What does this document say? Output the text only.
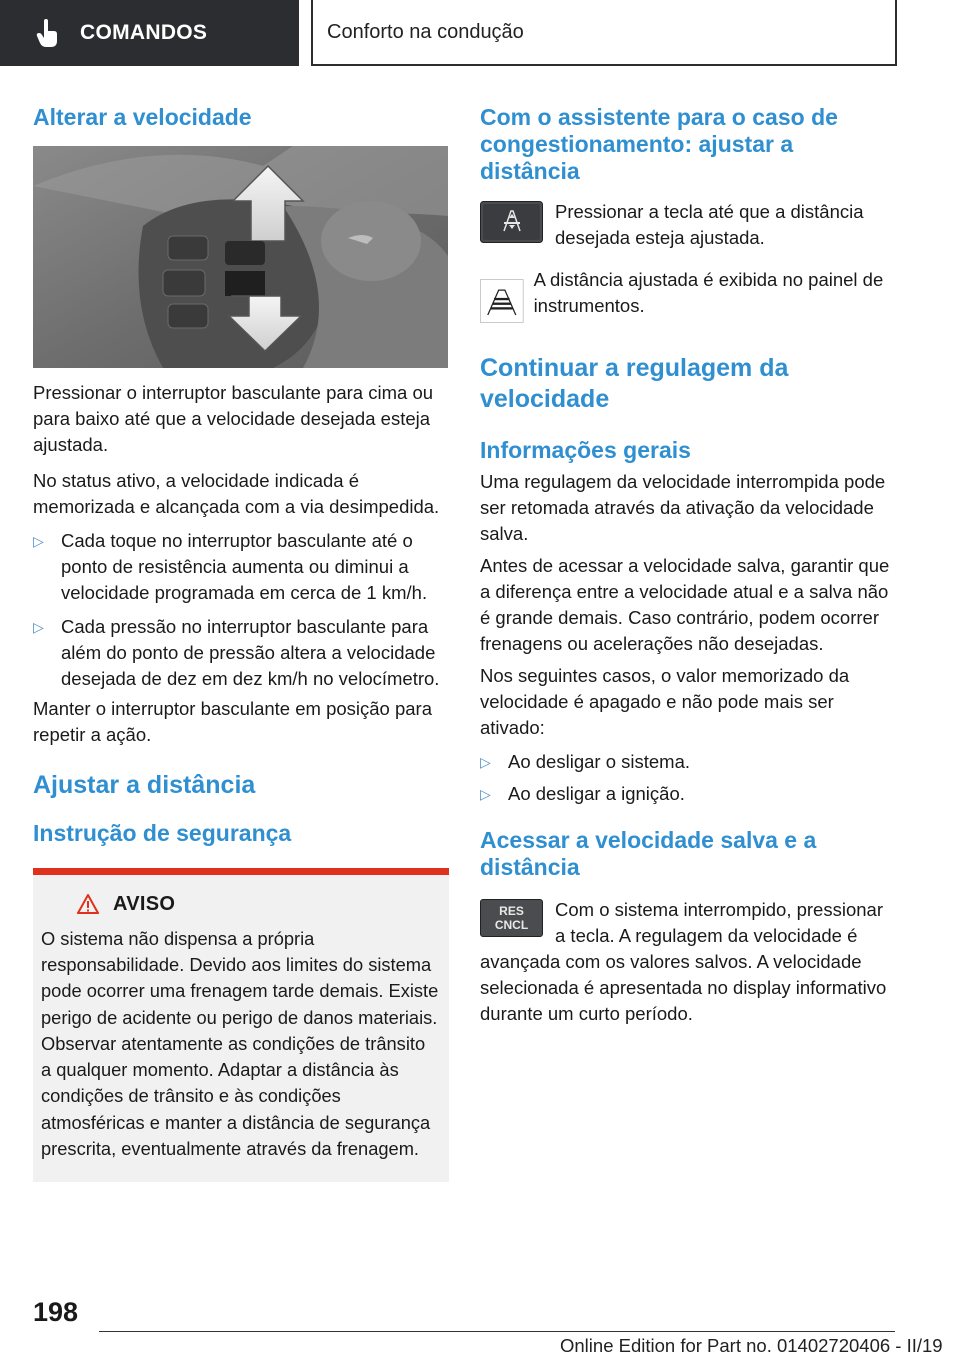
COMANDOS	Conforto na condução
Alterar a velocidade

Pressionar o interruptor basculante para cima ou para baixo até que a velocidade desejada esteja ajustada.

No status ativo, a velocidade indicada é memorizada e alcançada com a via desimpedida.

▷ Cada toque no interruptor basculante até o ponto de resistência aumenta ou diminui a velocidade programada em cerca de 1 km/h.
▷ Cada pressão no interruptor basculante para além do ponto de pressão altera a velocidade desejada de dez em dez km/h no velocímetro.

Manter o interruptor basculante em posição para repetir a ação.

Ajustar a distância
Instrução de segurança
AVISO

O sistema não dispensa a própria responsabilidade. Devido aos limites do sistema pode ocorrer uma frenagem tarde demais. Existe perigo de acidente ou perigo de danos materiais. Observar atentamente as condições de trânsito a qualquer momento. Adaptar a distância às condições de trânsito e às condições atmosféricas e manter a distância de segurança prescrita, eventualmente através da frenagem.

Com o assistente para o caso de congestionamento: ajustar a distância

Pressionar a tecla até que a distância desejada esteja ajustada.

A distância ajustada é exibida no painel de instrumentos.

Continuar a regulagem da velocidade
Informações gerais

Uma regulagem da velocidade interrompida pode ser retomada através da ativação da velocidade salva.

Antes de acessar a velocidade salva, garantir que a diferença entre a velocidade atual e a salva não é grande demais. Caso contrário, podem ocorrer frenagens ou acelerações não desejadas.

Nos seguintes casos, o valor memorizado da velocidade é apagado e não pode mais ser ativado:

▷ Ao desligar o sistema.
▷ Ao desligar a ignição.
Acessar a velocidade salva e a distância
RES
CNCL

Com o sistema interrompido, pressionar a tecla. A regulagem da velocidade é avançada com os valores salvos. A velocidade selecionada é apresentada no display informativo durante um curto período.

198
Online Edition for Part no. 01402720406 - II/19
